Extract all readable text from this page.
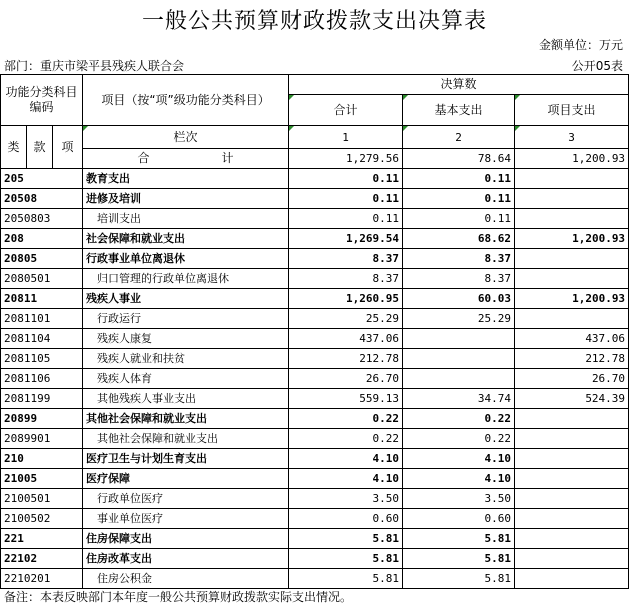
一般公共预算财政拨款支出决算表
金额单位：万元
部门：重庆市梁平县残疾人联合会	公开05表
功能分类科目编码			项目（按“项”级功能分类科目）	决算数		
				合计	基本支出	项目支出
类	款	项	栏次	1	2	3
			合　　　　　　计	1,279.56	78.64	1,200.93
205			教育支出	0.11	0.11	
20508			进修及培训	0.11	0.11	
2050803			培训支出	0.11	0.11	
208			社会保障和就业支出	1,269.54	68.62	1,200.93
20805			行政事业单位离退休	8.37	8.37	
2080501			归口管理的行政单位离退休	8.37	8.37	
20811			残疾人事业	1,260.95	60.03	1,200.93
2081101			行政运行	25.29	25.29	
2081104			残疾人康复	437.06		437.06
2081105			残疾人就业和扶贫	212.78		212.78
2081106			残疾人体育	26.70		26.70
2081199			其他残疾人事业支出	559.13	34.74	524.39
20899			其他社会保障和就业支出	0.22	0.22	
2089901			其他社会保障和就业支出	0.22	0.22	
210			医疗卫生与计划生育支出	4.10	4.10	
21005			医疗保障	4.10	4.10	
2100501			行政单位医疗	3.50	3.50	
2100502			事业单位医疗	0.60	0.60	
221			住房保障支出	5.81	5.81	
22102			住房改革支出	5.81	5.81	
2210201			住房公积金	5.81	5.81	
备注：本表反映部门本年度一般公共预算财政拨款实际支出情况。
